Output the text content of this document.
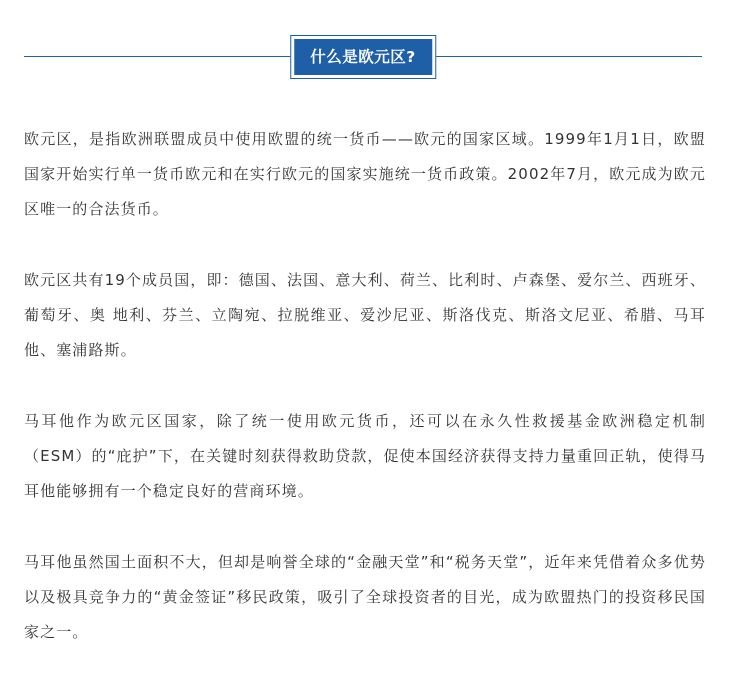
什么是欧元区?

欧元区，是指欧洲联盟成员中使用欧盟的统一货币——欧元的国家区域。1999年1月1日，欧盟国家开始实行单一货币欧元和在实行欧元的国家实施统一货币政策。2002年7月，欧元成为欧元区唯一的合法货币。

欧元区共有19个成员国，即：德国、法国、意大利、荷兰、比利时、卢森堡、爱尔兰、西班牙、葡萄牙、奥 地利、芬兰、立陶宛、拉脱维亚、爱沙尼亚、斯洛伐克、斯洛文尼亚、希腊、马耳他、塞浦路斯。

马耳他作为欧元区国家，除了统一使用欧元货币，还可以在永久性救援基金欧洲稳定机制（ESM）的“庇护”下，在关键时刻获得救助贷款，促使本国经济获得支持力量重回正轨，使得马耳他能够拥有一个稳定良好的营商环境。

马耳他虽然国土面积不大，但却是响誉全球的“金融天堂”和“税务天堂”，近年来凭借着众多优势以及极具竞争力的“黄金签证”移民政策，吸引了全球投资者的目光，成为欧盟热门的投资移民国家之一。
